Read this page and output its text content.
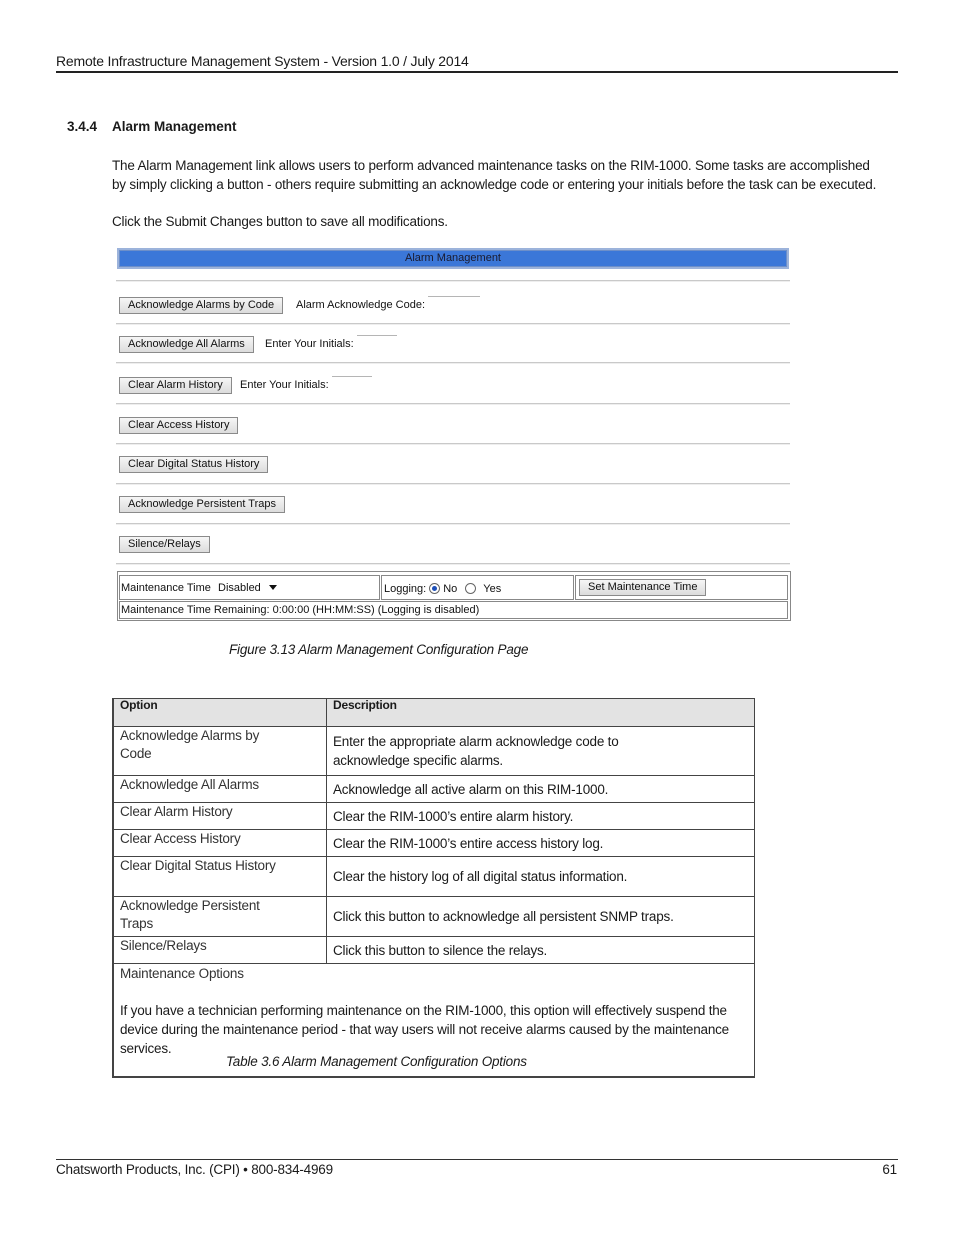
Remote Infrastructure Management System - Version 1.0 / July 2014
3.4.4 Alarm Management
The Alarm Management link allows users to perform advanced maintenance tasks on the RIM-1000. Some tasks are accomplished by simply clicking a button - others require submitting an acknowledge code or entering your initials before the task can be executed.
Click the Submit Changes button to save all modifications.
Alarm Management
Acknowledge Alarms by Code	Alarm Acknowledge Code:
Acknowledge All Alarms	Enter Your Initials:
Clear Alarm History	Enter Your Initials:
Clear Access History
Clear Digital Status History
Acknowledge Persistent Traps
Silence/Relays
Maintenance Time Disabled	Logging: No Yes	Set Maintenance Time
Maintenance Time Remaining: 0:00:00 (HH:MM:SS) (Logging is disabled)
Figure 3.13 Alarm Management Configuration Page
Option	Description
Acknowledge Alarms by Code	Enter the appropriate alarm acknowledge code to acknowledge specific alarms.
Acknowledge All Alarms	Acknowledge all active alarm on this RIM-1000.
Clear Alarm History	Clear the RIM-1000’s entire alarm history.
Clear Access History	Clear the RIM-1000’s entire access history log.
Clear Digital Status History	Clear the history log of all digital status information.
Acknowledge Persistent Traps	Click this button to acknowledge all persistent SNMP traps.
Silence/Relays	Click this button to silence the relays.

Maintenance Options
If you have a technician performing maintenance on the RIM-1000, this option will effectively suspend the device during the maintenance period - that way users will not receive alarms caused by the maintenance services.	
Table 3.6 Alarm Management Configuration Options
Chatsworth Products, Inc. (CPI) • 800-834-4969	61
